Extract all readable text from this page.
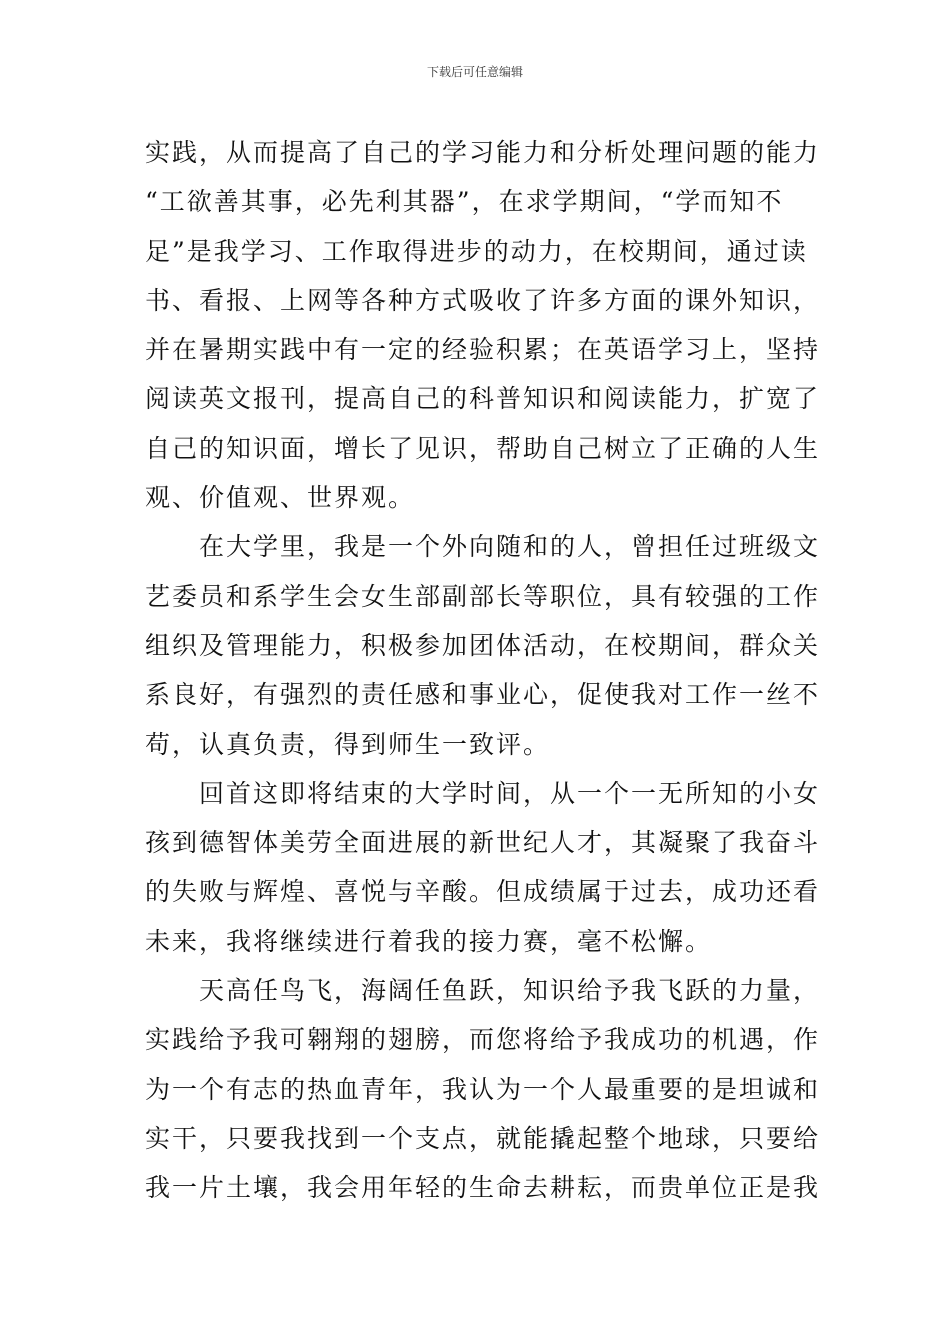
下载后可任意编辑
实践，从而提高了自己的学习能力和分析处理问题的能力
“工欲善其事，必先利其器”，在求学期间，“学而知不
足”是我学习、工作取得进步的动力，在校期间，通过读
书、看报、上网等各种方式吸收了许多方面的课外知识，
并在暑期实践中有一定的经验积累；在英语学习上，坚持
阅读英文报刊，提高自己的科普知识和阅读能力，扩宽了
自己的知识面，增长了见识，帮助自己树立了正确的人生
观、价值观、世界观。
　　在大学里，我是一个外向随和的人，曾担任过班级文
艺委员和系学生会女生部副部长等职位，具有较强的工作
组织及管理能力，积极参加团体活动，在校期间，群众关
系良好，有强烈的责任感和事业心，促使我对工作一丝不
苟，认真负责，得到师生一致评。
　　回首这即将结束的大学时间，从一个一无所知的小女
孩到德智体美劳全面进展的新世纪人才，其凝聚了我奋斗
的失败与辉煌、喜悦与辛酸。但成绩属于过去，成功还看
未来，我将继续进行着我的接力赛，毫不松懈。
　　天高任鸟飞，海阔任鱼跃，知识给予我飞跃的力量，
实践给予我可翱翔的翅膀，而您将给予我成功的机遇，作
为一个有志的热血青年，我认为一个人最重要的是坦诚和
实干，只要我找到一个支点，就能撬起整个地球，只要给
我一片土壤，我会用年轻的生命去耕耘，而贵单位正是我
